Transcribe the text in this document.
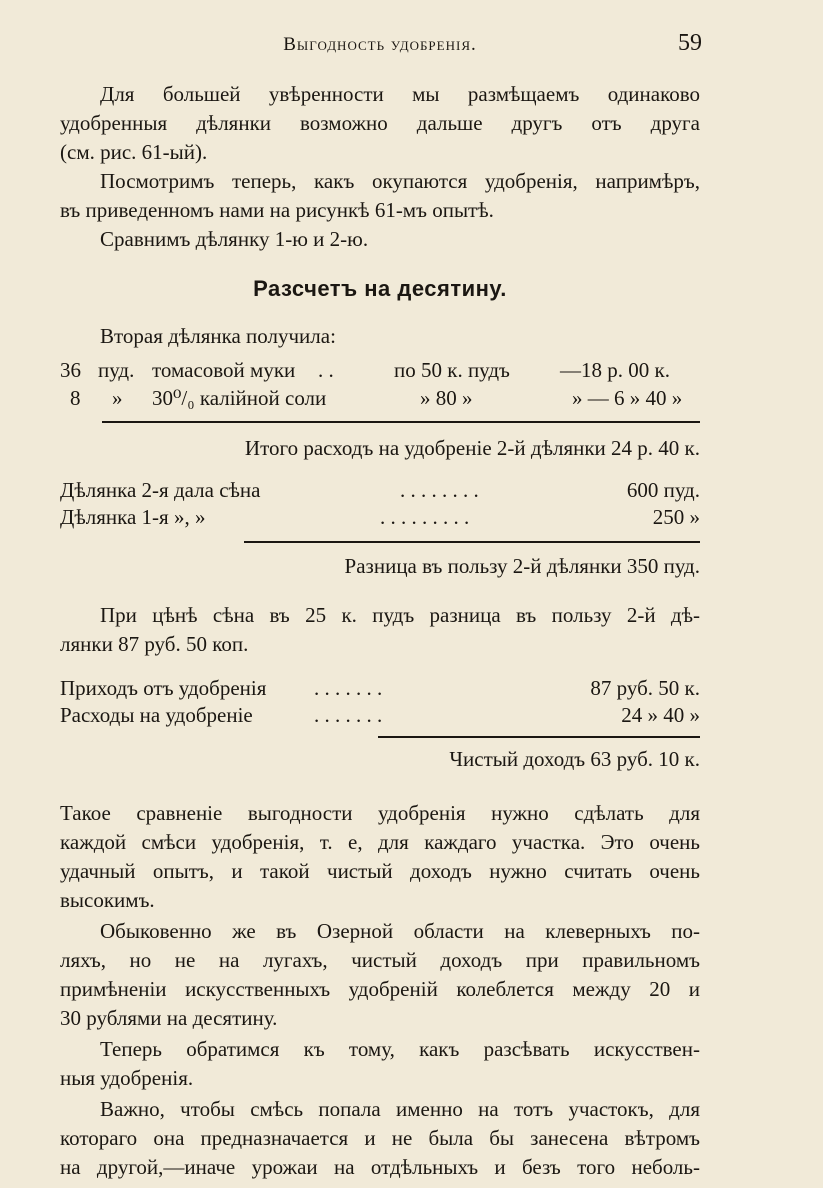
Выгодность удобренiя.	59
Для большей увѣренности мы размѣщаемъ одинаково
удобренныя дѣлянки возможно дальше другъ отъ друга
(см. рис. 61-ый).
Посмотримъ теперь, какъ окупаются удобренiя, напримѣръ,
въ приведенномъ нами на рисункѣ 61-мъ опытѣ.
Сравнимъ дѣлянку 1-ю и 2-ю.
Разсчетъ на десятину.
Вторая дѣлянка получила:
36 пуд. томасовой муки . .	по 50 к. пудъ —18 р. 00 к.
8 » 30⁰/₀ калiйной соли	» 80 »	» — 6 » 40 »
Итого расходъ на удобренiе 2-й дѣлянки 24 р. 40 к.
Дѣлянка 2-я дала сѣна	. . . . . . . .	600 пуд.
Дѣлянка 1-я », »	. . . . . . . . .	250 »
Разница въ пользу 2-й дѣлянки 350 пуд.
При цѣнѣ сѣна въ 25 к. пудъ разница въ пользу 2-й дѣ-
лянки 87 руб. 50 коп.
Приходъ отъ удобренiя . . . . . . .	87 руб. 50 к.
Расходы на удобренiе	. . . . . . .	24 » 40 »
Чистый доходъ 63 руб. 10 к.
Такое сравненiе выгодности удобренiя нужно сдѣлать для
каждой смѣси удобренiя, т. е, для каждаго участка. Это очень
удачный опытъ, и такой чистый доходъ нужно считать очень
высокимъ.
Обыковенно же въ Озерной области на клеверныхъ по-
ляхъ, но не на лугахъ, чистый доходъ при правильномъ
примѣненiи искусственныхъ удобренiй колеблется между 20 и
30 рублями на десятину.
Теперь обратимся къ тому, какъ разсѣвать искусствен-
ныя удобренiя.
Важно, чтобы смѣсь попала именно на тотъ участокъ, для
котораго она предназначается и не была бы занесена вѣтромъ
на другой,—иначе урожаи на отдѣльныхъ и безъ того неболь-
